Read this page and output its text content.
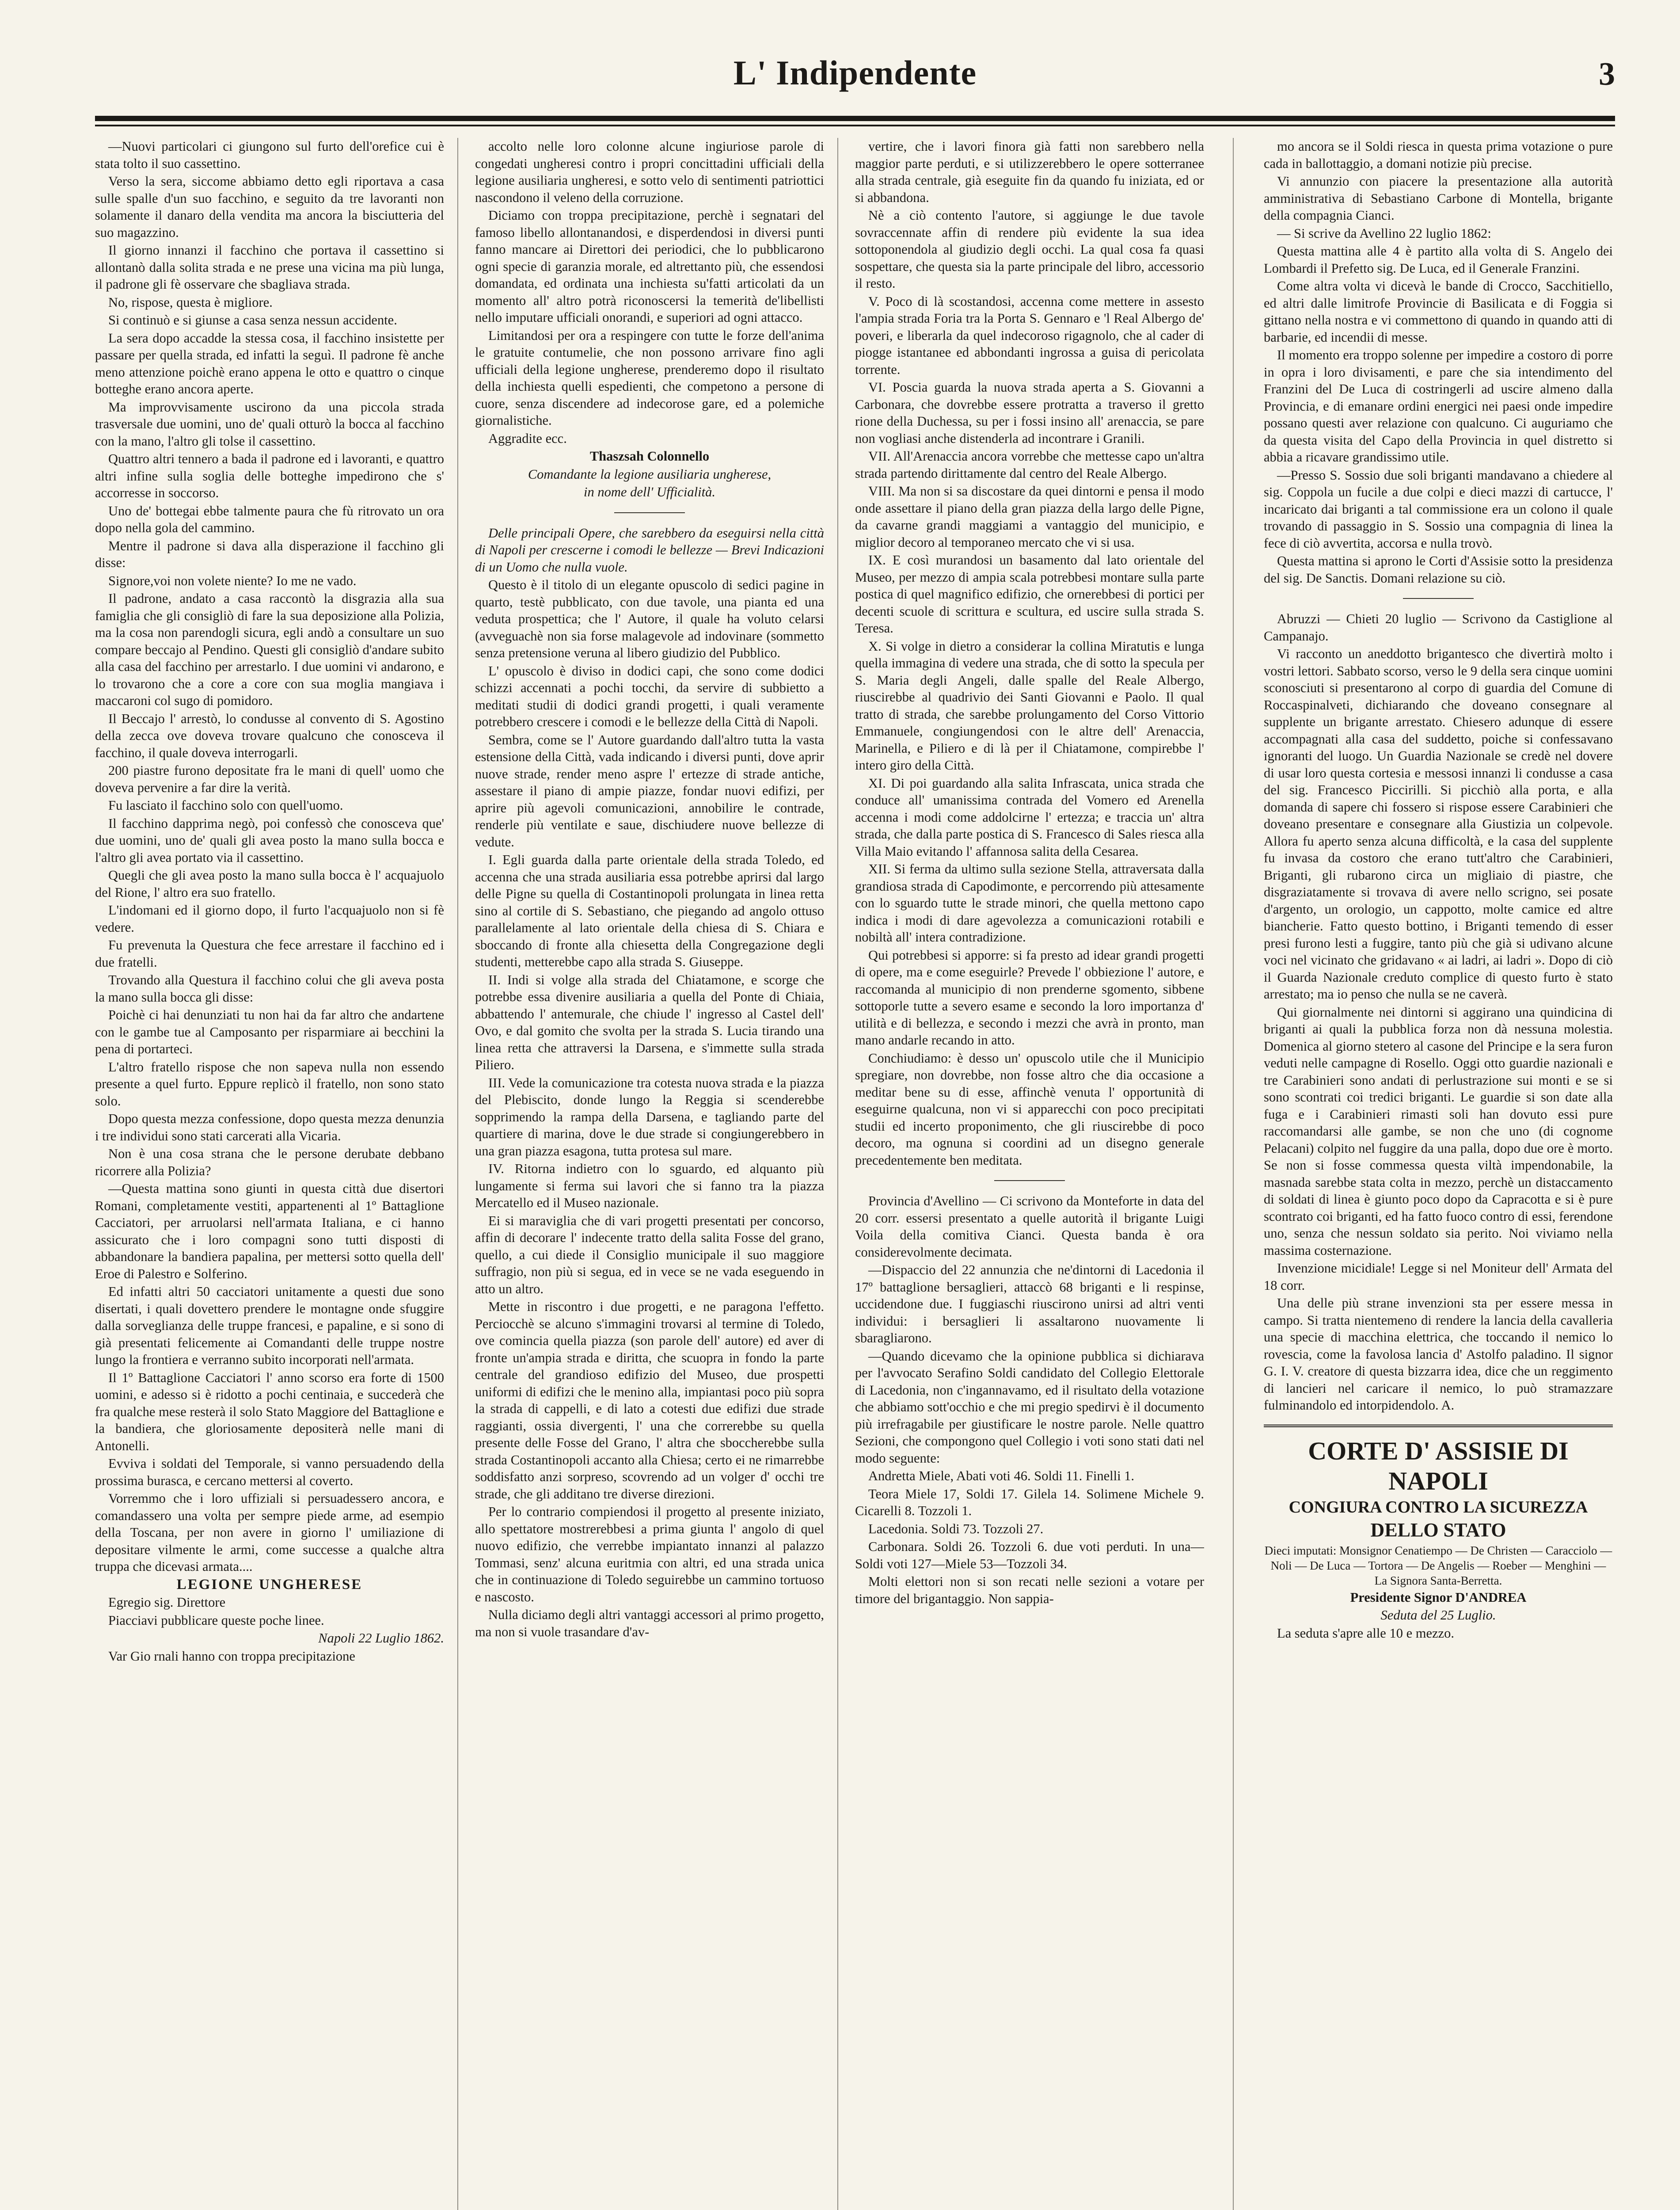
L' Indipendente	3

—Nuovi particolari ci giungono sul furto dell'orefice cui è stata tolto il suo cassettino.

Verso la sera, siccome abbiamo detto egli riportava a casa sulle spalle d'un suo facchino, e seguito da tre lavoranti non solamente il danaro della vendita ma ancora la bisciutteria del suo magazzino.

Il giorno innanzi il facchino che portava il cassettino si allontanò dalla solita strada e ne prese una vicina ma più lunga, il padrone gli fè osservare che sbagliava strada.

No, rispose, questa è migliore.

Si continuò e si giunse a casa senza nessun accidente.

La sera dopo accadde la stessa cosa, il facchino insistette per passare per quella strada, ed infatti la seguì. Il padrone fè anche meno attenzione poichè erano appena le otto e quattro o cinque botteghe erano ancora aperte.

Ma improvvisamente uscirono da una piccola strada trasversale due uomini, uno de' quali otturò la bocca al facchino con la mano, l'altro gli tolse il cassettino.

Quattro altri tennero a bada il padrone ed i lavoranti, e quattro altri infine sulla soglia delle botteghe impedirono che s' accorresse in soccorso.

Uno de' bottegai ebbe talmente paura che fù ritrovato un ora dopo nella gola del cammino.

Mentre il padrone si dava alla disperazione il facchino gli disse:

Signore,voi non volete niente? Io me ne vado.

Il padrone, andato a casa raccontò la disgrazia alla sua famiglia che gli consigliò di fare la sua deposizione alla Polizia, ma la cosa non parendogli sicura, egli andò a consultare un suo compare beccajo al Pendino. Questi gli consigliò d'andare subito alla casa del facchino per arrestarlo. I due uomini vi andarono, e lo trovarono che a core a core con sua moglia mangiava i maccaroni col sugo di pomidoro.

Il Beccajo l' arrestò, lo condusse al convento di S. Agostino della zecca ove doveva trovare qualcuno che conosceva il facchino, il quale doveva interrogarli.

200 piastre furono depositate fra le mani di quell' uomo che doveva pervenire a far dire la verità.

Fu lasciato il facchino solo con quell'uomo.

Il facchino dapprima negò, poi confessò che conosceva que' due uomini, uno de' quali gli avea posto la mano sulla bocca e l'altro gli avea portato via il cassettino.

Quegli che gli avea posto la mano sulla bocca è l' acquajuolo del Rione, l' altro era suo fratello.

L'indomani ed il giorno dopo, il furto l'acquajuolo non si fè vedere.

Fu prevenuta la Questura che fece arrestare il facchino ed i due fratelli.

Trovando alla Questura il facchino colui che gli aveva posta la mano sulla bocca gli disse:

Poichè ci hai denunziati tu non hai da far altro che andartene con le gambe tue al Camposanto per risparmiare ai becchini la pena di portarteci.

L'altro fratello rispose che non sapeva nulla non essendo presente a quel furto. Eppure replicò il fratello, non sono stato solo.

Dopo questa mezza confessione, dopo questa mezza denunzia i tre individui sono stati carcerati alla Vicaria.

Non è una cosa strana che le persone derubate debbano ricorrere alla Polizia?

—Questa mattina sono giunti in questa città due disertori Romani, completamente vestiti, appartenenti al 1º Battaglione Cacciatori, per arruolarsi nell'armata Italiana, e ci hanno assicurato che i loro compagni sono tutti disposti di abbandonare la bandiera papalina, per mettersi sotto quella dell' Eroe di Palestro e Solferino.

Ed infatti altri 50 cacciatori unitamente a questi due sono disertati, i quali dovettero prendere le montagne onde sfuggire dalla sorveglianza delle truppe francesi, e papaline, e si sono di già presentati felicemente ai Comandanti delle truppe nostre lungo la frontiera e verranno subito incorporati nell'armata.

Il 1º Battaglione Cacciatori l' anno scorso era forte di 1500 uomini, e adesso si è ridotto a pochi centinaia, e succederà che fra qualche mese resterà il solo Stato Maggiore del Battaglione e la bandiera, che gloriosamente depositerà nelle mani di Antonelli.

Evviva i soldati del Temporale, si vanno persuadendo della prossima burasca, e cercano mettersi al coverto.

Vorremmo che i loro uffiziali si persuadessero ancora, e comandassero una volta per sempre piede arme, ad esempio della Toscana, per non avere in giorno l' umiliazione di depositare vilmente le armi, come successe a qualche altra truppa che dicevasi armata....

LEGIONE UNGHERESE

Egregio sig. Direttore

Piacciavi pubblicare queste poche linee.

Napoli 22 Luglio 1862.

Var Gio rnali hanno con troppa precipitazione

accolto nelle loro colonne alcune ingiuriose parole di congedati ungheresi contro i propri concittadini ufficiali della legione ausiliaria ungheresi, e sotto velo di sentimenti patriottici nascondono il veleno della corruzione.

Diciamo con troppa precipitazione, perchè i segnatari del famoso libello allontanandosi, e disperdendosi in diversi punti fanno mancare ai Direttori dei periodici, che lo pubblicarono ogni specie di garanzia morale, ed altrettanto più, che essendosi domandata, ed ordinata una inchiesta su'fatti articolati da un momento all' altro potrà riconoscersi la temerità de'libellisti nello imputare ufficiali onorandi, e superiori ad ogni attacco.

Limitandosi per ora a respingere con tutte le forze dell'anima le gratuite contumelie, che non possono arrivare fino agli ufficiali della legione ungherese, prenderemo dopo il risultato della inchiesta quelli espedienti, che competono a persone di cuore, senza discendere ad indecorose gare, ed a polemiche giornalistiche.

Aggradite ecc.

Thaszsah Colonnello

Comandante la legione ausiliaria ungherese,

in nome dell' Ufficialità.

Delle principali Opere, che sarebbero da eseguirsi nella città di Napoli per crescerne i comodi le bellezze — Brevi Indicazioni di un Uomo che nulla vuole.

Questo è il titolo di un elegante opuscolo di sedici pagine in quarto, testè pubblicato, con due tavole, una pianta ed una veduta prospettica; che l' Autore, il quale ha voluto celarsi (avveguachè non sia forse malagevole ad indovinare (sommetto senza pretensione veruna al libero giudizio del Pubblico.

L' opuscolo è diviso in dodici capi, che sono come dodici schizzi accennati a pochi tocchi, da servire di subbietto a meditati studii di dodici grandi progetti, i quali veramente potrebbero crescere i comodi e le bellezze della Città di Napoli.

Sembra, come se l' Autore guardando dall'altro tutta la vasta estensione della Città, vada indicando i diversi punti, dove aprir nuove strade, render meno aspre l' ertezze di strade antiche, assestare il piano di ampie piazze, fondar nuovi edifizi, per aprire più agevoli comunicazioni, annobilire le contrade, renderle più ventilate e saue, dischiudere nuove bellezze di vedute.

I. Egli guarda dalla parte orientale della strada Toledo, ed accenna che una strada ausiliaria essa potrebbe aprirsi dal largo delle Pigne su quella di Costantinopoli prolungata in linea retta sino al cortile di S. Sebastiano, che piegando ad angolo ottuso parallelamente al lato orientale della chiesa di S. Chiara e sboccando di fronte alla chiesetta della Congregazione degli studenti, metterebbe capo alla strada S. Giuseppe.

II. Indi si volge alla strada del Chiatamone, e scorge che potrebbe essa divenire ausiliaria a quella del Ponte di Chiaia, abbattendo l' antemurale, che chiude l' ingresso al Castel dell' Ovo, e dal gomito che svolta per la strada S. Lucia tirando una linea retta che attraversi la Darsena, e s'immette sulla strada Piliero.

III. Vede la comunicazione tra cotesta nuova strada e la piazza del Plebiscito, donde lungo la Reggia si scenderebbe sopprimendo la rampa della Darsena, e tagliando parte del quartiere di marina, dove le due strade si congiungerebbero in una gran piazza esagona, tutta protesa sul mare.

IV. Ritorna indietro con lo sguardo, ed alquanto più lungamente si ferma sui lavori che si fanno tra la piazza Mercatello ed il Museo nazionale.

Ei si maraviglia che di vari progetti presentati per concorso, affin di decorare l' indecente tratto della salita Fosse del grano, quello, a cui diede il Consiglio municipale il suo maggiore suffragio, non più si segua, ed in vece se ne vada eseguendo in atto un altro.

Mette in riscontro i due progetti, e ne paragona l'effetto. Perciocchè se alcuno s'immagini trovarsi al termine di Toledo, ove comincia quella piazza (son parole dell' autore) ed aver di fronte un'ampia strada e diritta, che scuopra in fondo la parte centrale del grandioso edifizio del Museo, due prospetti uniformi di edifizi che le menino alla, impiantasi poco più sopra la strada di cappelli, e di lato a cotesti due edifizi due strade raggianti, ossia divergenti, l' una che correrebbe su quella presente delle Fosse del Grano, l' altra che sboccherebbe sulla strada Costantinopoli accanto alla Chiesa; certo ei ne rimarrebbe soddisfatto anzi sorpreso, scovrendo ad un volger d' occhi tre strade, che gli additano tre diverse direzioni.

Per lo contrario compiendosi il progetto al presente iniziato, allo spettatore mostrerebbesi a prima giunta l' angolo di quel nuovo edifizio, che verrebbe impiantato innanzi al palazzo Tommasi, senz' alcuna euritmia con altri, ed una strada unica che in continuazione di Toledo seguirebbe un cammino tortuoso e nascosto.

Nulla diciamo degli altri vantaggi accessori al primo progetto, ma non si vuole trasandare d'av-

vertire, che i lavori finora già fatti non sarebbero nella maggior parte perduti, e si utilizzerebbero le opere sotterranee alla strada centrale, già eseguite fin da quando fu iniziata, ed or si abbandona.

Nè a ciò contento l'autore, si aggiunge le due tavole sovraccennate affin di rendere più evidente la sua idea sottoponendola al giudizio degli occhi. La qual cosa fa quasi sospettare, che questa sia la parte principale del libro, accessorio il resto.

V. Poco di là scostandosi, accenna come mettere in assesto l'ampia strada Foria tra la Porta S. Gennaro e 'l Real Albergo de' poveri, e liberarla da quel indecoroso rigagnolo, che al cader di piogge istantanee ed abbondanti ingrossa a guisa di pericolata torrente.

VI. Poscia guarda la nuova strada aperta a S. Giovanni a Carbonara, che dovrebbe essere protratta a traverso il gretto rione della Duchessa, su per i fossi insino all' arenaccia, se pare non vogliasi anche distenderla ad incontrare i Granili.

VII. All'Arenaccia ancora vorrebbe che mettesse capo un'altra strada partendo dirittamente dal centro del Reale Albergo.

VIII. Ma non si sa discostare da quei dintorni e pensa il modo onde assettare il piano della gran piazza della largo delle Pigne, da cavarne grandi maggiami a vantaggio del municipio, e miglior decoro al temporaneo mercato che vi si usa.

IX. E così murandosi un basamento dal lato orientale del Museo, per mezzo di ampia scala potrebbesi montare sulla parte postica di quel magnifico edifizio, che ornerebbesi di portici per decenti scuole di scrittura e scultura, ed uscire sulla strada S. Teresa.

X. Si volge in dietro a considerar la collina Miratutis e lunga quella immagina di vedere una strada, che di sotto la specula per S. Maria degli Angeli, dalle spalle del Reale Albergo, riuscirebbe al quadrivio dei Santi Giovanni e Paolo. Il qual tratto di strada, che sarebbe prolungamento del Corso Vittorio Emmanuele, congiungendosi con le altre dell' Arenaccia, Marinella, e Piliero e di là per il Chiatamone, compirebbe l' intero giro della Città.

XI. Di poi guardando alla salita Infrascata, unica strada che conduce all' umanissima contrada del Vomero ed Arenella accenna i modi come addolcirne l' ertezza; e traccia un' altra strada, che dalla parte postica di S. Francesco di Sales riesca alla Villa Maio evitando l' affannosa salita della Cesarea.

XII. Si ferma da ultimo sulla sezione Stella, attraversata dalla grandiosa strada di Capodimonte, e percorrendo più attesamente con lo sguardo tutte le strade minori, che quella mettono capo indica i modi di dare agevolezza a comunicazioni rotabili e nobiltà all' intera contradizione.

Qui potrebbesi si apporre: si fa presto ad idear grandi progetti di opere, ma e come eseguirle? Prevede l' obbiezione l' autore, e raccomanda al municipio di non prenderne sgomento, sibbene sottoporle tutte a severo esame e secondo la loro importanza d' utilità e di bellezza, e secondo i mezzi che avrà in pronto, man mano andarle recando in atto.

Conchiudiamo: è desso un' opuscolo utile che il Municipio spregiare, non dovrebbe, non fosse altro che dia occasione a meditar bene su di esse, affinchè venuta l' opportunità di eseguirne qualcuna, non vi si apparecchi con poco precipitati studii ed incerto proponimento, che gli riuscirebbe di poco decoro, ma ognuna si coordini ad un disegno generale precedentemente ben meditata.

Provincia d'Avellino — Ci scrivono da Monteforte in data del 20 corr. essersi presentato a quelle autorità il brigante Luigi Voila della comitiva Cianci. Questa banda è ora considerevolmente decimata.

—Dispaccio del 22 annunzia che ne'dintorni di Lacedonia il 17º battaglione bersaglieri, attaccò 68 briganti e li respinse, uccidendone due. I fuggiaschi riuscirono unirsi ad altri venti individui: i bersaglieri li assaltarono nuovamente li sbaragliarono.

—Quando dicevamo che la opinione pubblica si dichiarava per l'avvocato Serafino Soldi candidato del Collegio Elettorale di Lacedonia, non c'ingannavamo, ed il risultato della votazione che abbiamo sott'occhio e che mi pregio spedirvi è il documento più irrefragabile per giustificare le nostre parole. Nelle quattro Sezioni, che compongono quel Collegio i voti sono stati dati nel modo seguente:

Andretta Miele, Abati voti 46. Soldi 11. Finelli 1.

Teora Miele 17, Soldi 17. Gilela 14. Solimene Michele 9. Cicarelli 8. Tozzoli 1.

Lacedonia. Soldi 73. Tozzoli 27.

Carbonara. Soldi 26. Tozzoli 6. due voti perduti. In una—Soldi voti 127—Miele 53—Tozzoli 34.

Molti elettori non si son recati nelle sezioni a votare per timore del brigantaggio. Non sappia-

mo ancora se il Soldi riesca in questa prima votazione o pure cada in ballottaggio, a domani notizie più precise.

Vi annunzio con piacere la presentazione alla autorità amministrativa di Sebastiano Carbone di Montella, brigante della compagnia Cianci.

— Si scrive da Avellino 22 luglio 1862:

Questa mattina alle 4 è partito alla volta di S. Angelo dei Lombardi il Prefetto sig. De Luca, ed il Generale Franzini.

Come altra volta vi dicevà le bande di Crocco, Sacchitiello, ed altri dalle limitrofe Provincie di Basilicata e di Foggia si gittano nella nostra e vi commettono di quando in quando atti di barbarie, ed incendii di messe.

Il momento era troppo solenne per impedire a costoro di porre in opra i loro divisamenti, e pare che sia intendimento del Franzini del De Luca di costringerli ad uscire almeno dalla Provincia, e di emanare ordini energici nei paesi onde impedire possano questi aver relazione con qualcuno. Ci auguriamo che da questa visita del Capo della Provincia in quel distretto si abbia a ricavare grandissimo utile.

—Presso S. Sossio due soli briganti mandavano a chiedere al sig. Coppola un fucile a due colpi e dieci mazzi di cartucce, l' incaricato dai briganti a tal commissione era un colono il quale trovando di passaggio in S. Sossio una compagnia di linea la fece di ciò avvertita, accorsa e nulla trovò.

Questa mattina si aprono le Corti d'Assisie sotto la presidenza del sig. De Sanctis. Domani relazione su ciò.

Abruzzi — Chieti 20 luglio — Scrivono da Castiglione al Campanajo.

Vi racconto un aneddotto brigantesco che divertirà molto i vostri lettori. Sabbato scorso, verso le 9 della sera cinque uomini sconosciuti si presentarono al corpo di guardia del Comune di Roccaspinalveti, dichiarando che doveano consegnare al supplente un brigante arrestato. Chiesero adunque di essere accompagnati alla casa del suddetto, poiche si confessavano ignoranti del luogo. Un Guardia Nazionale se credè nel dovere di usar loro questa cortesia e messosi innanzi li condusse a casa del sig. Francesco Piccirilli. Si picchiò alla porta, e alla domanda di sapere chi fossero si rispose essere Carabinieri che doveano presentare e consegnare alla Giustizia un colpevole. Allora fu aperto senza alcuna difficoltà, e la casa del supplente fu invasa da costoro che erano tutt'altro che Carabinieri, Briganti, gli rubarono circa un migliaio di piastre, che disgraziatamente si trovava di avere nello scrigno, sei posate d'argento, un orologio, un cappotto, molte camice ed altre biancherie. Fatto questo bottino, i Briganti temendo di esser presi furono lesti a fuggire, tanto più che già si udivano alcune voci nel vicinato che gridavano « ai ladri, ai ladri ». Dopo di ciò il Guarda Nazionale creduto complice di questo furto è stato arrestato; ma io penso che nulla se ne caverà.

Qui giornalmente nei dintorni si aggirano una quindicina di briganti ai quali la pubblica forza non dà nessuna molestia. Domenica al giorno stetero al casone del Principe e la sera furon veduti nelle campagne di Rosello. Oggi otto guardie nazionali e tre Carabinieri sono andati di perlustrazione sui monti e se si sono scontrati coi tredici briganti. Le guardie si son date alla fuga e i Carabinieri rimasti soli han dovuto essi pure raccomandarsi alle gambe, se non che uno (di cognome Pelacani) colpito nel fuggire da una palla, dopo due ore è morto. Se non si fosse commessa questa viltà impendonabile, la masnada sarebbe stata colta in mezzo, perchè un distaccamento di soldati di linea è giunto poco dopo da Capracotta e si è pure scontrato coi briganti, ed ha fatto fuoco contro di essi, ferendone uno, senza che nessun soldato sia perito. Noi viviamo nella massima costernazione.

Invenzione micidiale! Legge si nel Moniteur dell' Armata del 18 corr.

Una delle più strane invenzioni sta per essere messa in campo. Si tratta nientemeno di rendere la lancia della cavalleria una specie di macchina elettrica, che toccando il nemico lo rovescia, come la favolosa lancia d' Astolfo paladino. Il signor G. I. V. creatore di questa bizzarra idea, dice che un reggimento di lancieri nel caricare il nemico, lo può stramazzare fulminandolo ed intorpidendolo. A.

CORTE D' ASSISIE DI NAPOLI

CONGIURA CONTRO LA SICUREZZA

DELLO STATO

Dieci imputati: Monsignor Cenatiempo — De Christen — Caracciolo — Noli — De Luca — Tortora — De Angelis — Roeber — Menghini — La Signora Santa-Berretta.

Presidente Signor D'ANDREA

Seduta del 25 Luglio.

La seduta s'apre alle 10 e mezzo.
